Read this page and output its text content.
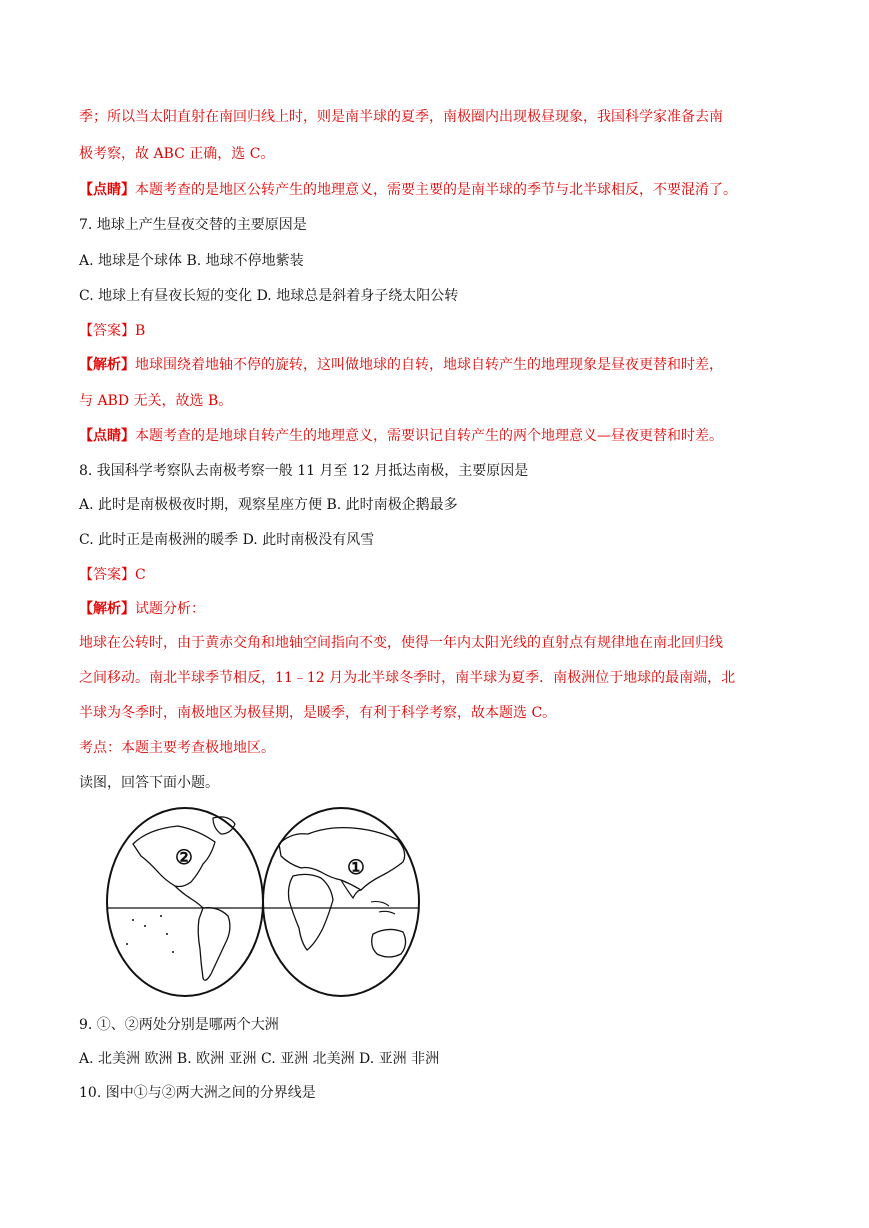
季；所以当太阳直射在南回归线上时，则是南半球的夏季，南极圈内出现极昼现象，我国科学家准备去南
极考察，故 ABC 正确，选 C。
【点睛】本题考查的是地区公转产生的地理意义，需要主要的是南半球的季节与北半球相反，不要混淆了。
7. 地球上产生昼夜交替的主要原因是
A. 地球是个球体 B. 地球不停地紫装
C. 地球上有昼夜长短的变化 D. 地球总是斜着身子绕太阳公转
【答案】B
【解析】地球围绕着地轴不停的旋转，这叫做地球的自转，地球自转产生的地理现象是昼夜更替和时差，
与 ABD 无关，故选 B。
【点睛】本题考查的是地球自转产生的地理意义，需要识记自转产生的两个地理意义—昼夜更替和时差。
8. 我国科学考察队去南极考察一般 11 月至 12 月抵达南极，主要原因是
A. 此时是南极极夜时期，观察星座方便 B. 此时南极企鹅最多
C. 此时正是南极洲的暖季 D. 此时南极没有风雪
【答案】C
【解析】试题分析：
地球在公转时，由于黄赤交角和地轴空间指向不变，使得一年内太阳光线的直射点有规律地在南北回归线
之间移动。南北半球季节相反，11﹣12 月为北半球冬季时，南半球为夏季．南极洲位于地球的最南端，北
半球为冬季时，南极地区为极昼期，是暖季，有利于科学考察，故本题选 C。
考点：本题主要考查极地地区。
读图，回答下面小题。
②	①
9. ①、②两处分别是哪两个大洲
A. 北美洲 欧洲 B. 欧洲 亚洲 C. 亚洲 北美洲 D. 亚洲 非洲
10. 图中①与②两大洲之间的分界线是
